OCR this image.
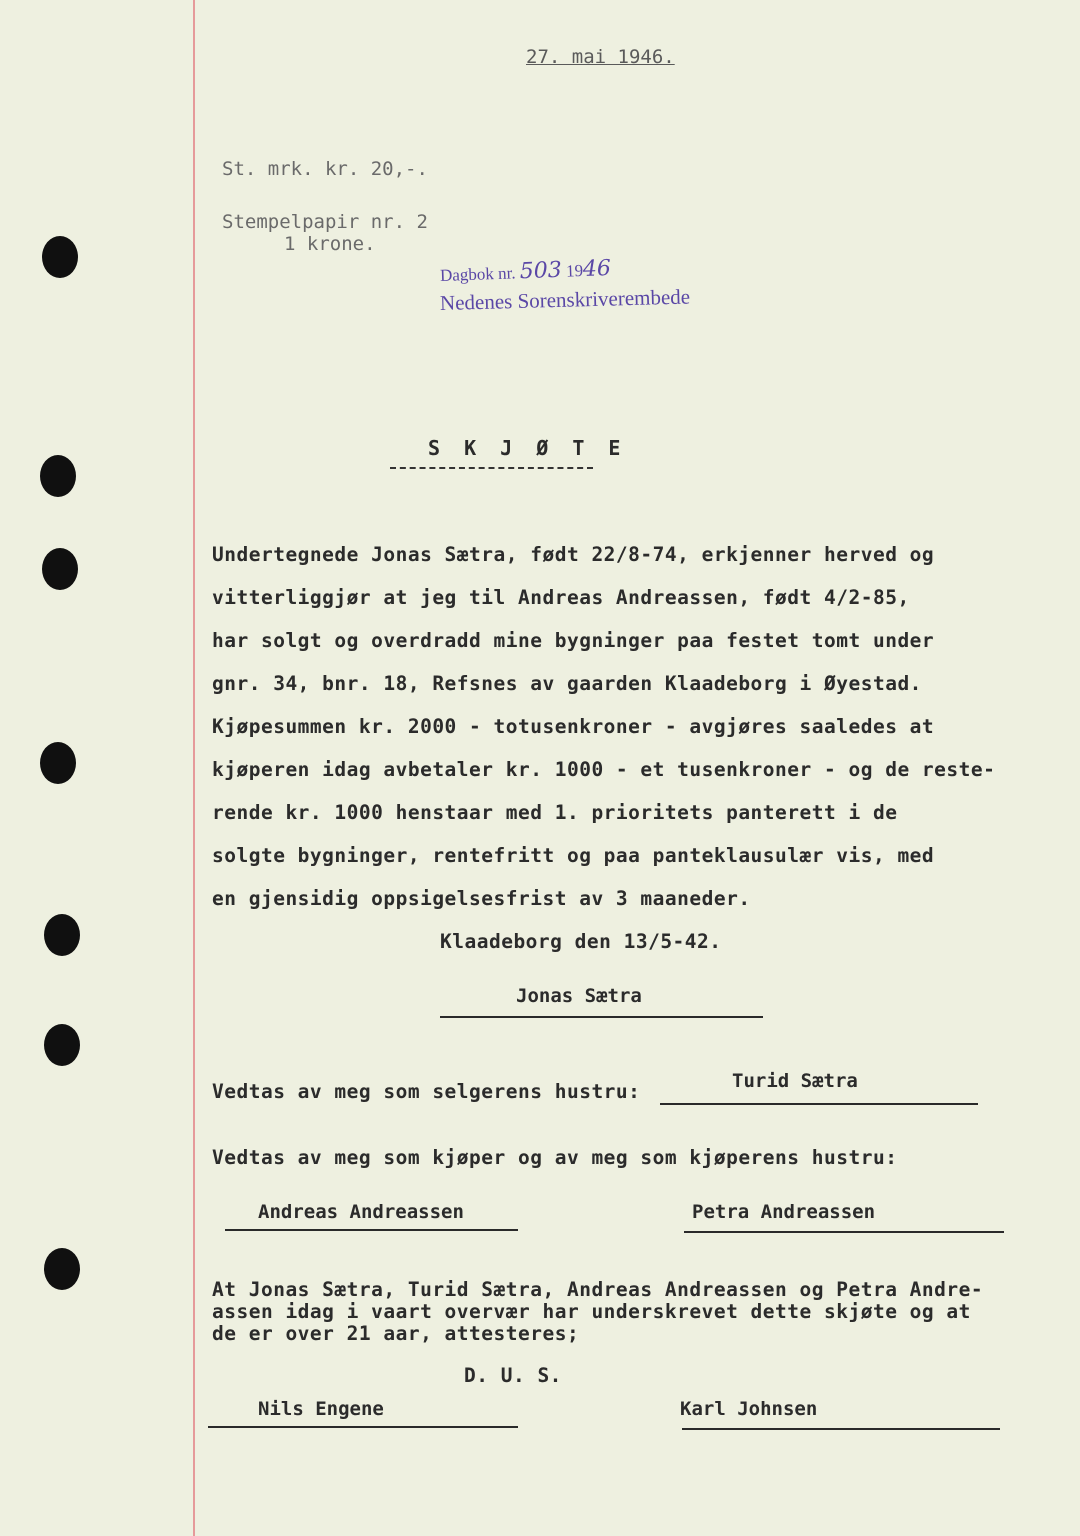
27. mai 1946.
St. mrk. kr. 20,-.
Stempelpapir nr. 2
1 krone.
Dagbok nr. 503 1946
Nedenes Sorenskriverembede
S K J Ø T E
Undertegnede Jonas Sætra, født 22/8-74, erkjenner herved og
vitterliggjør at jeg til Andreas Andreassen, født 4/2-85,
har solgt og overdradd mine bygninger paa festet tomt under
gnr. 34, bnr. 18, Refsnes av gaarden Klaadeborg i Øyestad.
Kjøpesummen kr. 2000 - totusenkroner - avgjøres saaledes at
kjøperen idag avbetaler kr. 1000 - et tusenkroner - og de reste-
rende kr. 1000 henstaar med 1. prioritets panterett i de
solgte bygninger, rentefritt og paa panteklausulær vis, med
en gjensidig oppsigelsesfrist av 3 maaneder.
Klaadeborg den 13/5-42.
Jonas Sætra
Vedtas av meg som selgerens hustru:	Turid Sætra
Vedtas av meg som kjøper og av meg som kjøperens hustru:
Andreas Andreassen	Petra Andreassen
At Jonas Sætra, Turid Sætra, Andreas Andreassen og Petra Andre-
assen idag i vaart overvær har underskrevet dette skjøte og at
de er over 21 aar, attesteres;
D. U. S.
Nils Engene	Karl Johnsen
